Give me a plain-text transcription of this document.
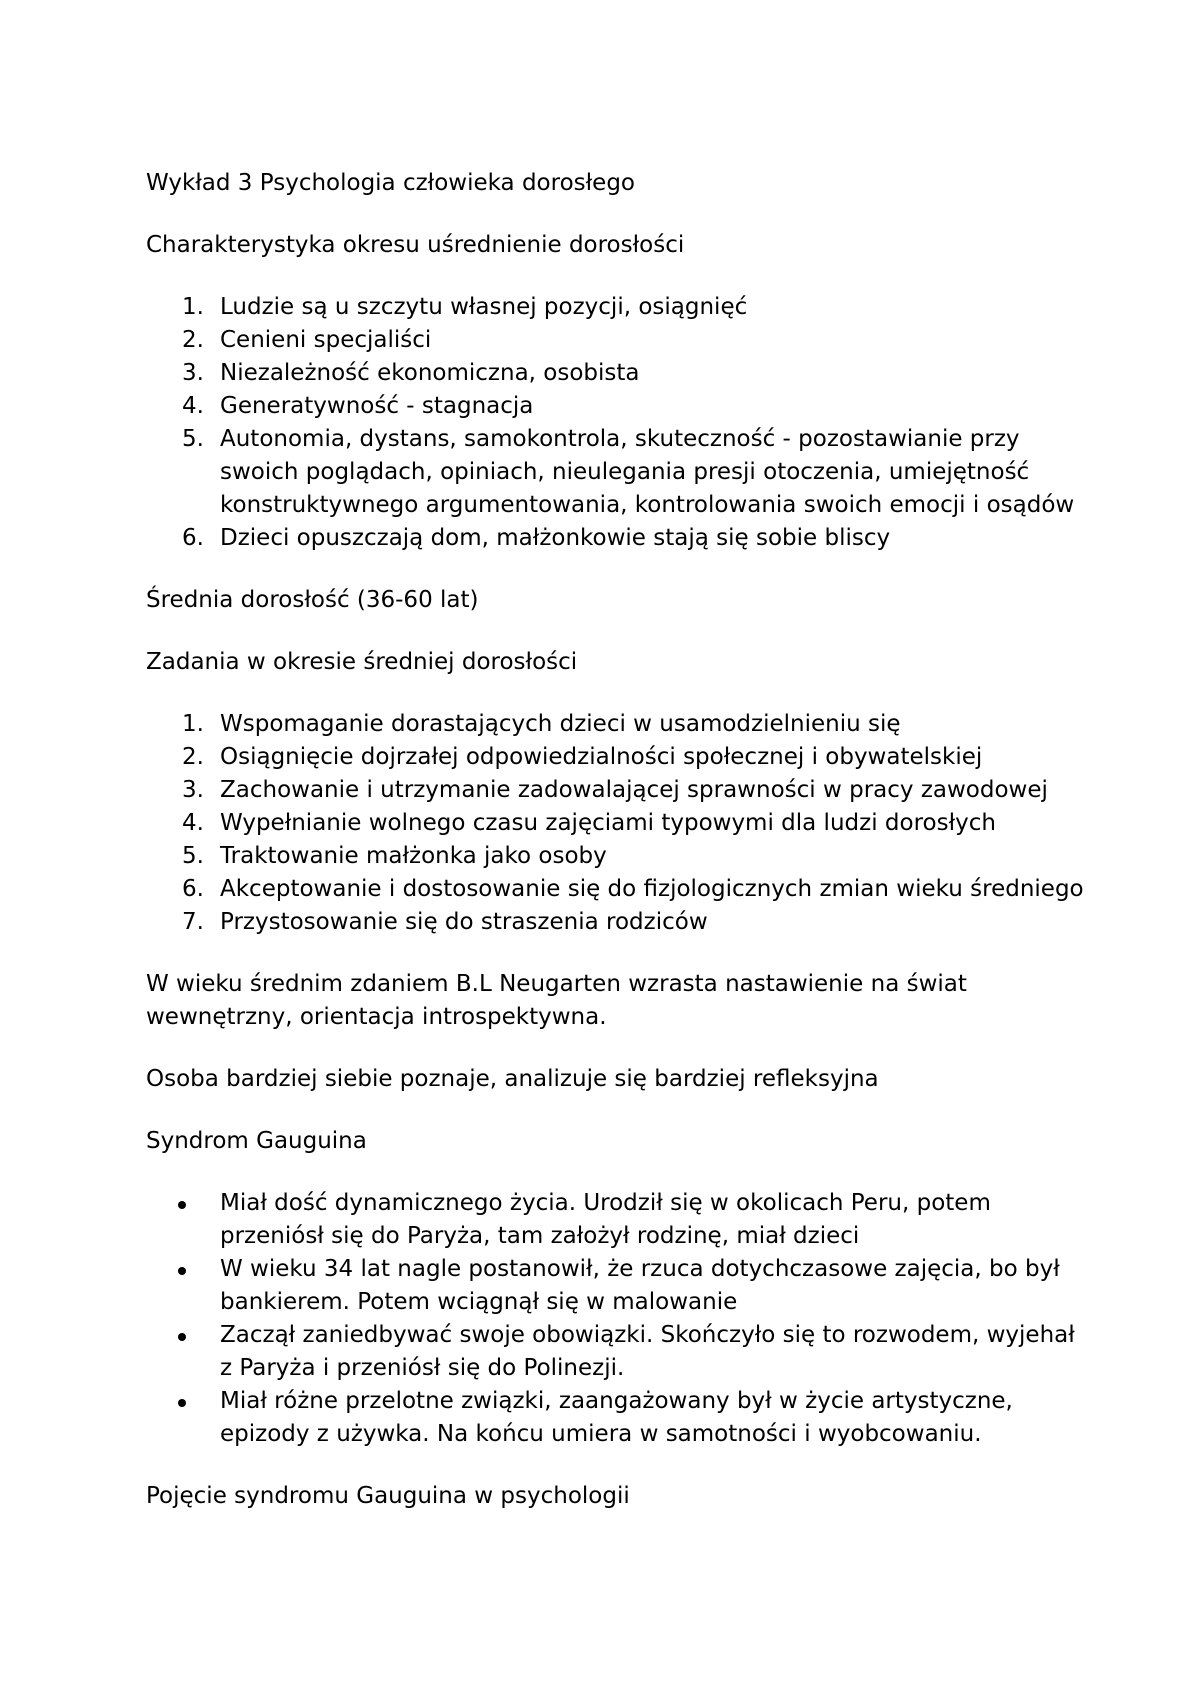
Wykład 3 Psychologia człowieka dorosłego

Charakterystyka okresu uśrednienie dorosłości

1. Ludzie są u szczytu własnej pozycji, osiągnięć
2. Cenieni specjaliści
3. Niezależność ekonomiczna, osobista
4. Generatywność - stagnacja
5. Autonomia, dystans, samokontrola, skuteczność - pozostawianie przy swoich poglądach, opiniach, nieulegania presji otoczenia, umiejętność konstruktywnego argumentowania, kontrolowania swoich emocji i osądów
6. Dzieci opuszczają dom, małżonkowie stają się sobie bliscy

Średnia dorosłość (36-60 lat)

Zadania w okresie średniej dorosłości

1. Wspomaganie dorastających dzieci w usamodzielnieniu się
2. Osiągnięcie dojrzałej odpowiedzialności społecznej i obywatelskiej
3. Zachowanie i utrzymanie zadowalającej sprawności w pracy zawodowej
4. Wypełnianie wolnego czasu zajęciami typowymi dla ludzi dorosłych
5. Traktowanie małżonka jako osoby
6. Akceptowanie i dostosowanie się do fizjologicznych zmian wieku średniego
7. Przystosowanie się do straszenia rodziców

W wieku średnim zdaniem B.L Neugarten wzrasta nastawienie na świat wewnętrzny, orientacja introspektywna.

Osoba bardziej siebie poznaje, analizuje się bardziej refleksyjna

Syndrom Gauguina

Miał dość dynamicznego życia. Urodził się w okolicach Peru, potem przeniósł się do Paryża, tam założył rodzinę, miał dzieci
W wieku 34 lat nagle postanowił, że rzuca dotychczasowe zajęcia, bo był bankierem. Potem wciągnął się w malowanie
Zaczął zaniedbywać swoje obowiązki. Skończyło się to rozwodem, wyjehał z Paryża i przeniósł się do Polinezji.
Miał różne przelotne związki, zaangażowany był w życie artystyczne, epizody z używka. Na końcu umiera w samotności i wyobcowaniu.

Pojęcie syndromu Gauguina w psychologii
